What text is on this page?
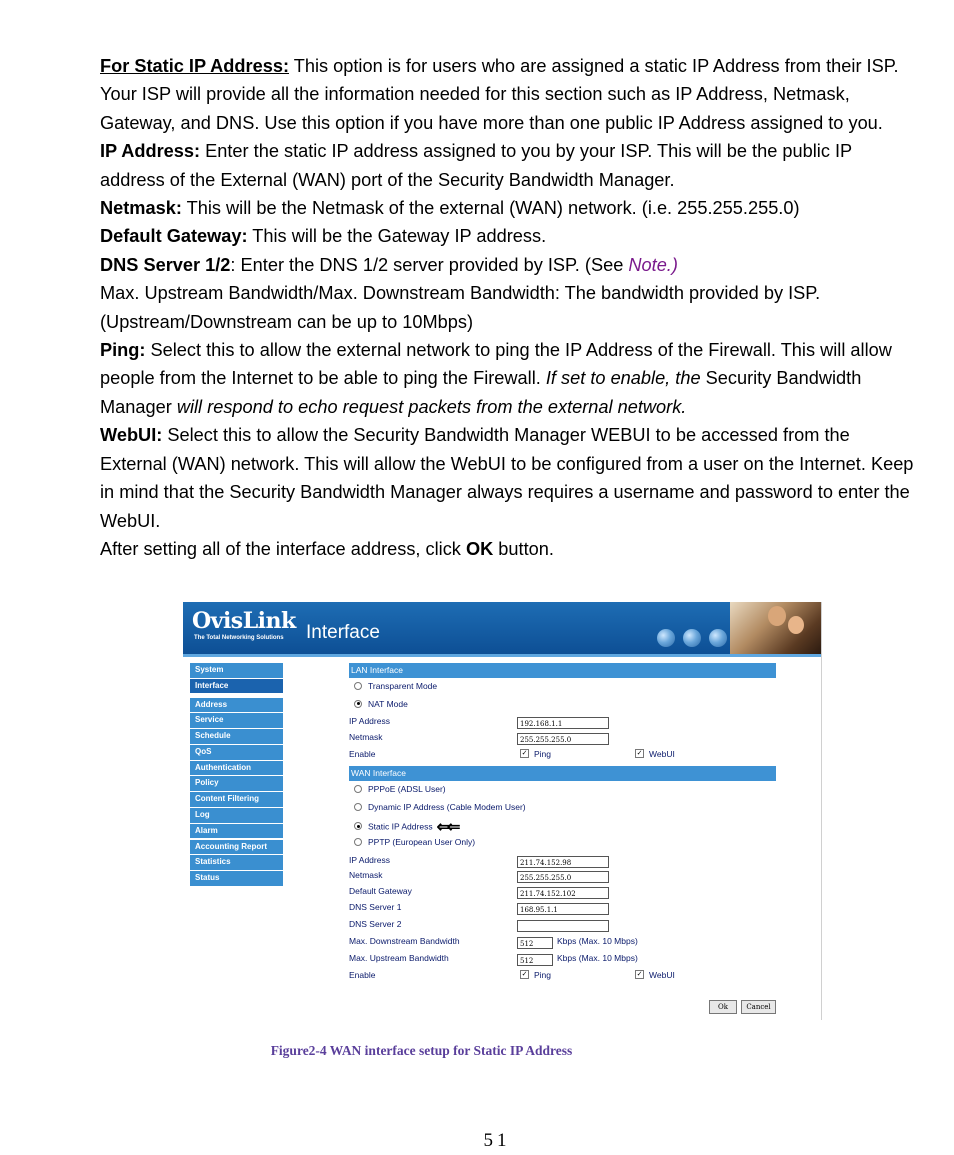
For Static IP Address: This option is for users who are assigned a static IP Address from their ISP. Your ISP will provide all the information needed for this section such as IP Address, Netmask, Gateway, and DNS. Use this option if you have more than one public IP Address assigned to you.

IP Address: Enter the static IP address assigned to you by your ISP. This will be the public IP address of the External (WAN) port of the Security Bandwidth Manager.

Netmask: This will be the Netmask of the external (WAN) network. (i.e. 255.255.255.0)

Default Gateway: This will be the Gateway IP address.

DNS Server 1/2: Enter the DNS 1/2 server provided by ISP. (See Note.)

Max. Upstream Bandwidth/Max. Downstream Bandwidth: The bandwidth provided by ISP. (Upstream/Downstream can be up to 10Mbps)

Ping: Select this to allow the external network to ping the IP Address of the Firewall. This will allow people from the Internet to be able to ping the Firewall. If set to enable, the Security Bandwidth Manager will respond to echo request packets from the external network.

WebUI: Select this to allow the Security Bandwidth Manager WEBUI to be accessed from the External (WAN) network. This will allow the WebUI to be configured from a user on the Internet. Keep in mind that the Security Bandwidth Manager always requires a username and password to enter the WebUI.

After setting all of the interface address, click OK button.

OvisLink
The Total Networking Solutions Interface
System
Interface
Address
Service
Schedule
QoS
Authentication
Policy
Content Filtering
Log
Alarm
Accounting Report
Statistics
Status
LAN Interface
Transparent Mode
NAT Mode
IP Address	192.168.1.1
Netmask	255.255.255.0
Enable	✓ Ping	✓ WebUI
WAN Interface
PPPoE (ADSL User)
Dynamic IP Address (Cable Modem User)
Static IP Address ⇐⇐
PPTP (European User Only)
IP Address	211.74.152.98
Netmask	255.255.255.0
Default Gateway	211.74.152.102
DNS Server 1	168.95.1.1
DNS Server 2
Max. Downstream Bandwidth	512	Kbps (Max. 10 Mbps)
Max. Upstream Bandwidth	512	Kbps (Max. 10 Mbps)
Enable	✓ Ping	✓ WebUI
Ok	Cancel
Figure2-4 WAN interface setup for Static IP Address
51
